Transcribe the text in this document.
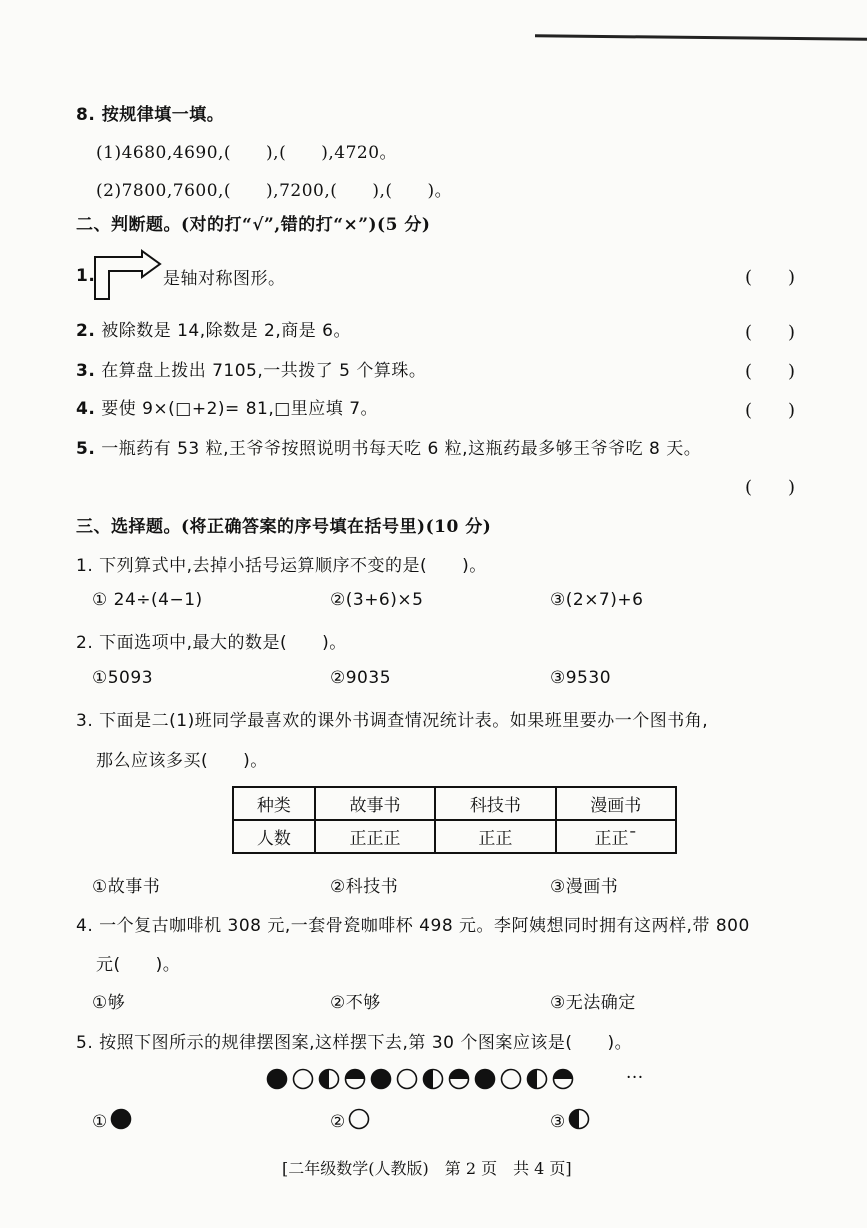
8. 按规律填一填。
(1)4680,4690,(　　),(　　),4720。
(2)7800,7600,(　　),7200,(　　),(　　)。
二、判断题。(对的打“√”,错的打“×”)(5 分)
1.	是轴对称图形。	(　　)
2. 被除数是 14,除数是 2,商是 6。	(　　)
3. 在算盘上拨出 7105,一共拨了 5 个算珠。	(　　)
4. 要使 9×(□+2)= 81,□里应填 7。	(　　)
5. 一瓶药有 53 粒,王爷爷按照说明书每天吃 6 粒,这瓶药最多够王爷爷吃 8 天。
(　　)
三、选择题。(将正确答案的序号填在括号里)(10 分)
1. 下列算式中,去掉小括号运算顺序不变的是(　　)。
① 24÷(4−1)	②(3+6)×5	③(2×7)+6
2. 下面选项中,最大的数是(　　)。
①5093	②9035	③9530
3. 下面是二(1)班同学最喜欢的课外书调查情况统计表。如果班里要办一个图书角,
那么应该多买(　　)。
种类	故事书	科技书	漫画书
人数	正正正	正正	正正ˉ
①故事书	②科技书	③漫画书
4. 一个复古咖啡机 308 元,一套骨瓷咖啡杯 498 元。李阿姨想同时拥有这两样,带 800
元(　　)。
①够	②不够	③无法确定
5. 按照下图所示的规律摆图案,这样摆下去,第 30 个图案应该是(　　)。
···
①	②	③
[二年级数学(人教版)　第 2 页　共 4 页]
